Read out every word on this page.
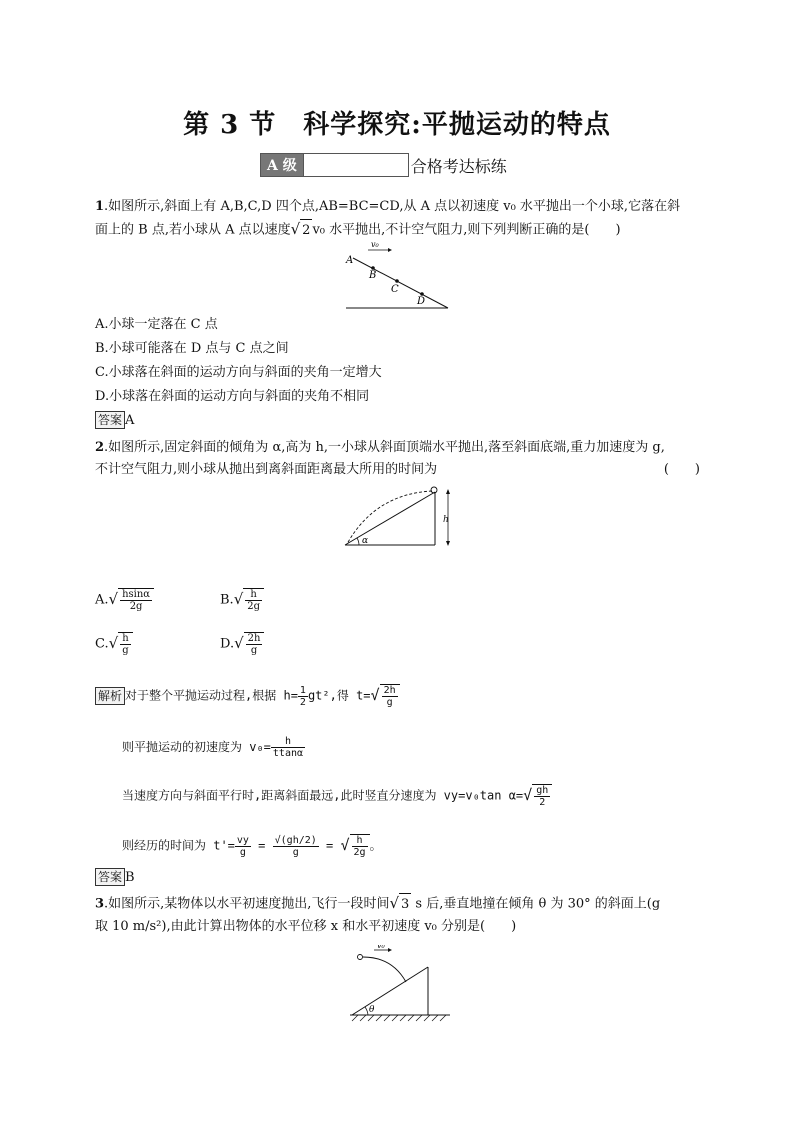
第 3 节　科学探究:平抛运动的特点
A 级	合格考达标练
1.如图所示,斜面上有 A,B,C,D 四个点,AB=BC=CD,从 A 点以初速度 v₀ 水平抛出一个小球,它落在斜
面上的 B 点,若小球从 A 点以速度√ 2 v₀ 水平抛出,不计空气阻力,则下列判断正确的是(　　)
v₀
A
B
C
D
A.小球一定落在 C 点
B.小球可能落在 D 点与 C 点之间
C.小球落在斜面的运动方向与斜面的夹角一定增大
D.小球落在斜面的运动方向与斜面的夹角不相同
答案 A
2.如图所示,固定斜面的倾角为 α,高为 h,一小球从斜面顶端水平抛出,落至斜面底端,重力加速度为 g,
不计空气阻力,则小球从抛出到离斜面距离最大所用的时间为	(　　)
h
α
$A.√ \frac{hsin\alpha}{2g}$	$B.√ \frac{h}{2g}$
$C.√ \frac{h}{g}$	$D.√ \frac{2h}{g}$
解析 对于整个平抛运动过程,根据 $h= \frac{1}{2} gt^2$,得 $t=√ \frac{2h}{g}$
则平抛运动的初速度为 $v_0= \frac{h}{ttan\alpha}$
当速度方向与斜面平行时,距离斜面最远,此时竖直分速度为 vy=v₀tan $\alpha=√ \frac{gh}{2}$
则经历的时间为 $t'= \frac{vy}{g} = \frac{√(gh/2)}{g}$ = √ $\frac{h}{2g}$ 。
答案 B
3.如图所示,某物体以水平初速度抛出,飞行一段时间√ 3 s 后,垂直地撞在倾角 θ 为 30° 的斜面上(g
取 10 m/s²),由此计算出物体的水平位移 x 和水平初速度 v₀ 分别是(　　)
v₀
θ
